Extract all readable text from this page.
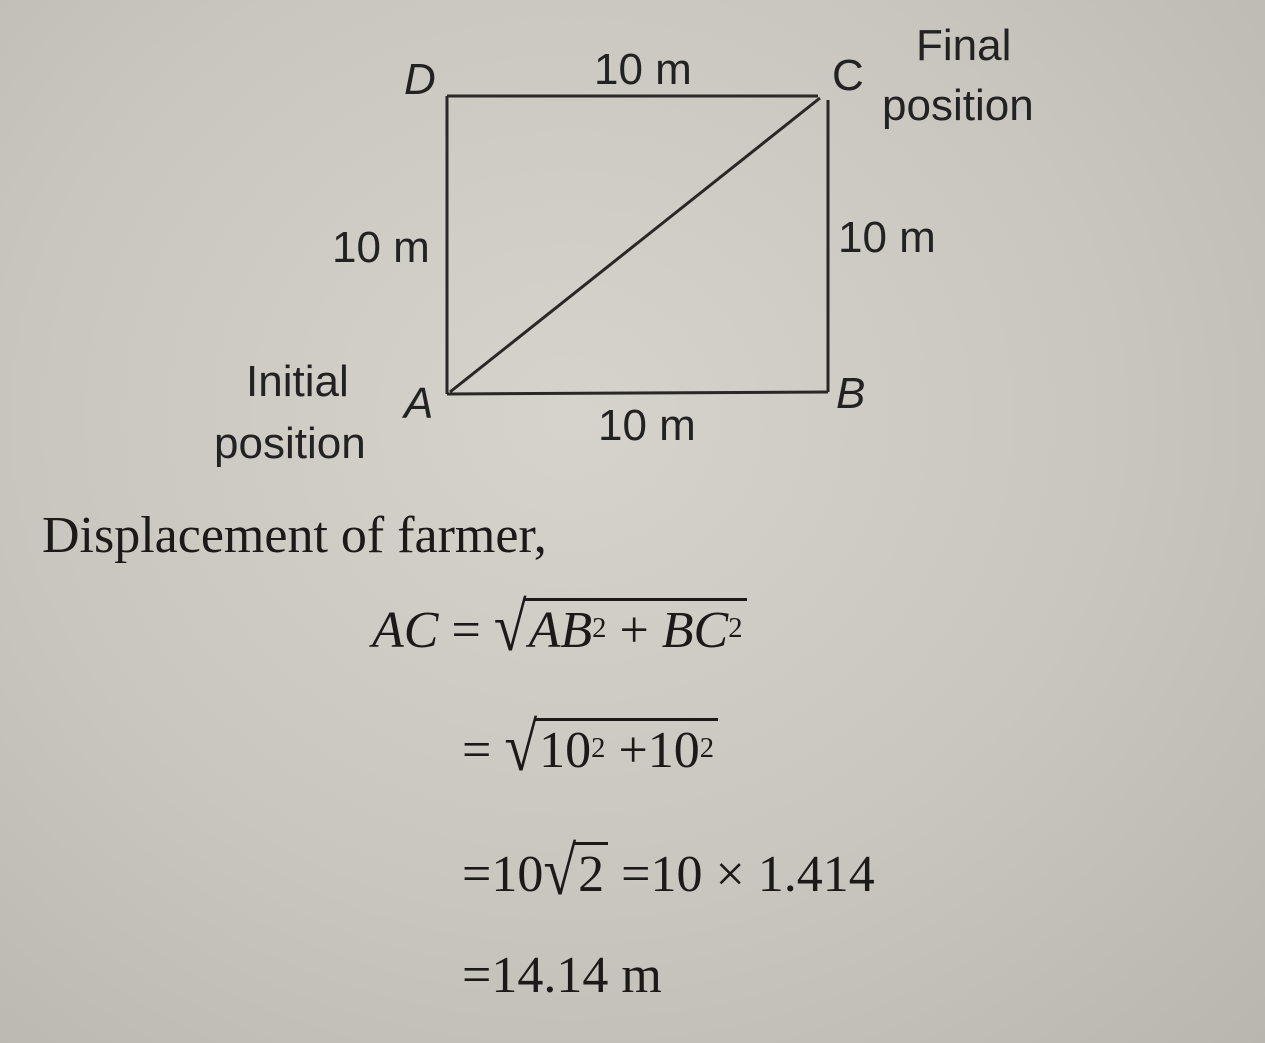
D	C
A	B
10 m
10 m	10 m
10 m
Final
position
Initial
position
Displacement of farmer,
AC = $√AB^2 + BC^2$
= $√10^2 +10^2$
=10√2 =10 × 1.414
=14.14 m
